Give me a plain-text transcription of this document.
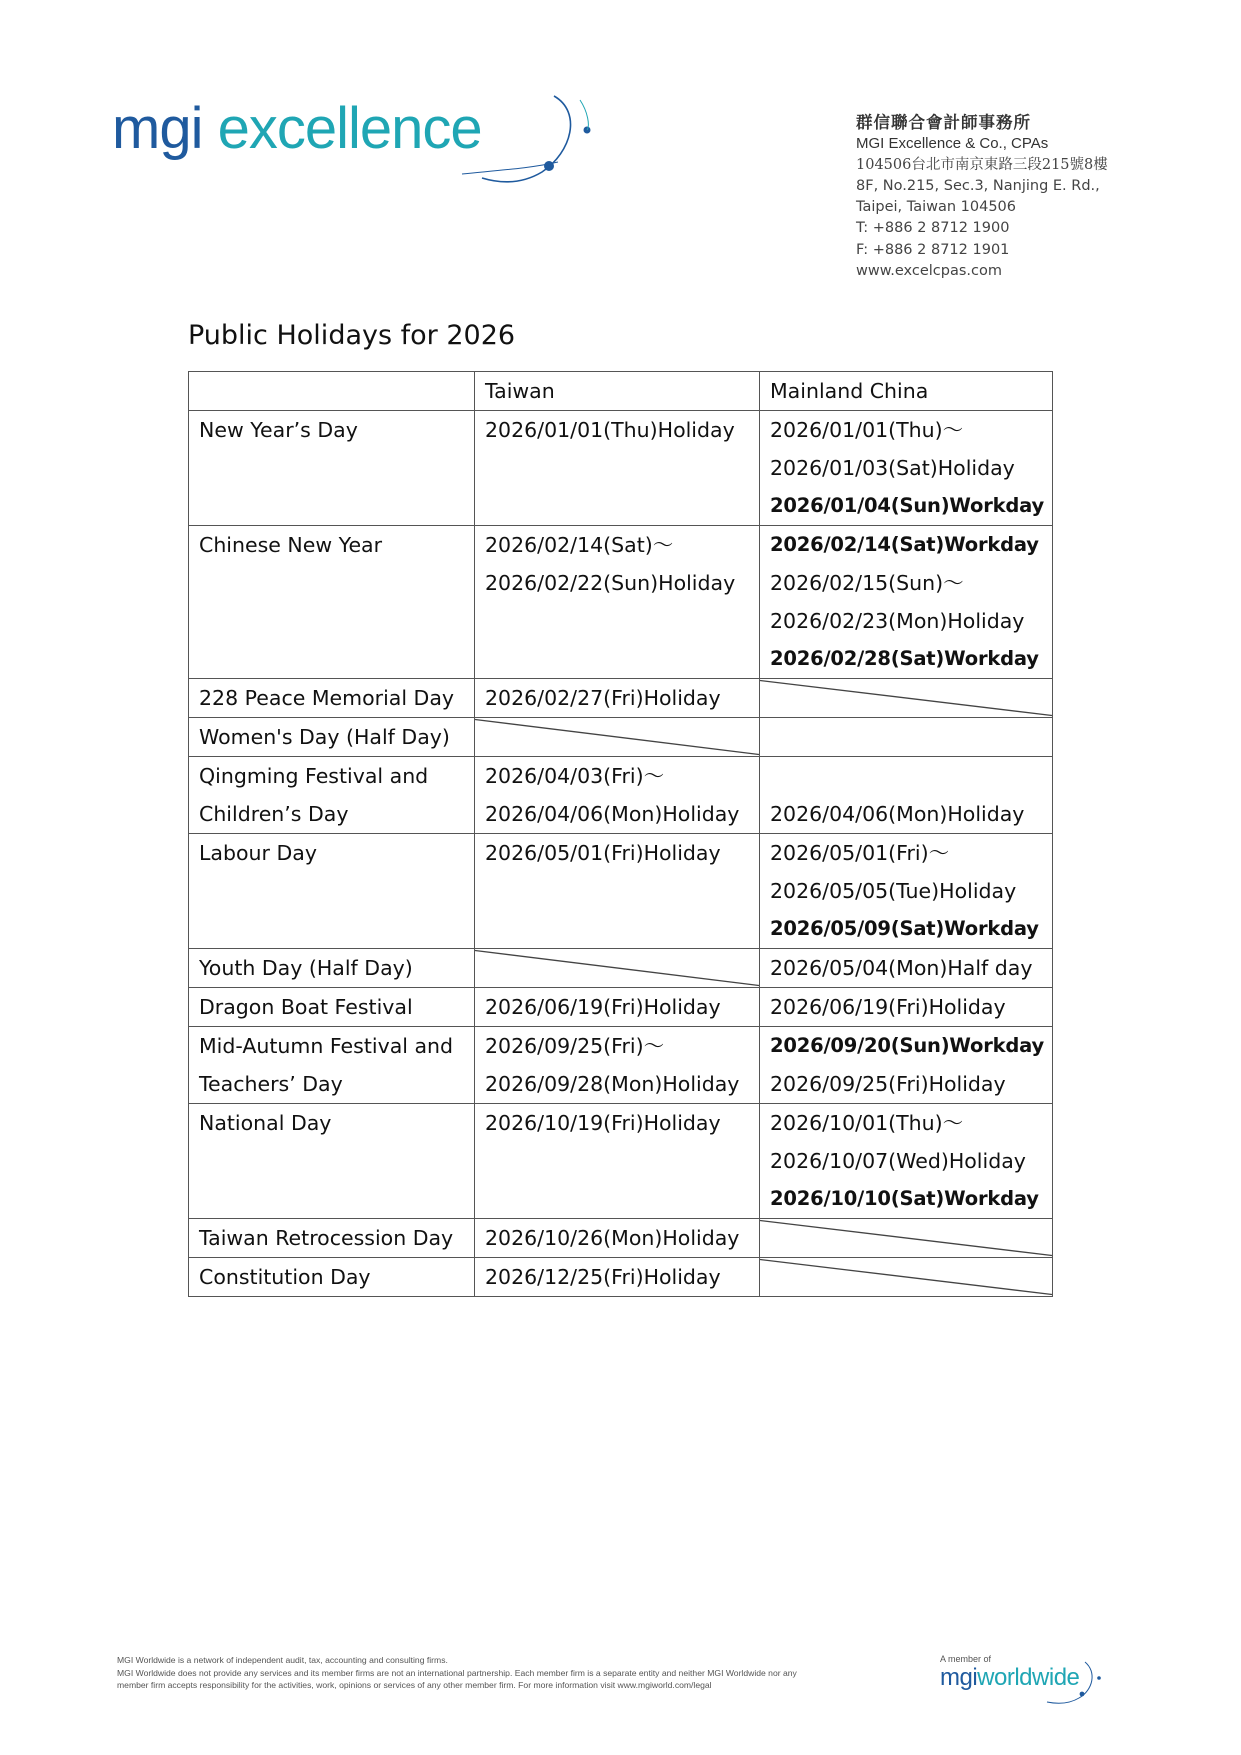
mgi excellence	群信聯合會計師事務所
MGI Excellence & Co., CPAs
104506台北市南京東路三段215號8樓
8F, No.215, Sec.3, Nanjing E. Rd.,
Taipei, Taiwan 104506
T: +886 2 8712 1900
F: +886 2 8712 1901
www.excelcpas.com
Public Holidays for 2026
	Taiwan	Mainland China

New Year’s Day	2026/01/01(Thu)Holiday	2026/01/01(Thu)～
2026/01/03(Sat)Holiday
2026/01/04(Sun)Workday

Chinese New Year	2026/02/14(Sat)～
2026/02/22(Sun)Holiday	2026/02/14(Sat)Workday
2026/02/15(Sun)～
2026/02/23(Mon)Holiday
2026/02/28(Sat)Workday

228 Peace Memorial Day	2026/02/27(Fri)Holiday

Women's Day (Half Day)

Qingming Festival and
Children’s Day	2026/04/03(Fri)～
2026/04/06(Mon)Holiday	2026/04/06(Mon)Holiday

Labour Day	2026/05/01(Fri)Holiday	2026/05/01(Fri)～
2026/05/05(Tue)Holiday
2026/05/09(Sat)Workday

Youth Day (Half Day)		2026/05/04(Mon)Half day

Dragon Boat Festival	2026/06/19(Fri)Holiday	2026/06/19(Fri)Holiday

Mid-Autumn Festival and
Teachers’ Day	2026/09/25(Fri)～
2026/09/28(Mon)Holiday	2026/09/20(Sun)Workday
2026/09/25(Fri)Holiday

National Day	2026/10/19(Fri)Holiday	2026/10/01(Thu)～
2026/10/07(Wed)Holiday
2026/10/10(Sat)Workday

Taiwan Retrocession Day	2026/10/26(Mon)Holiday

Constitution Day	2026/12/25(Fri)Holiday

MGI Worldwide is a network of independent audit, tax, accounting and consulting firms.
MGI Worldwide does not provide any services and its member firms are not an international partnership. Each member firm is a separate entity and neither MGI Worldwide nor any
member firm accepts responsibility for the activities, work, opinions or services of any other member firm. For more information visit www.mgiworld.com/legal
A member of
mgiworldwide
